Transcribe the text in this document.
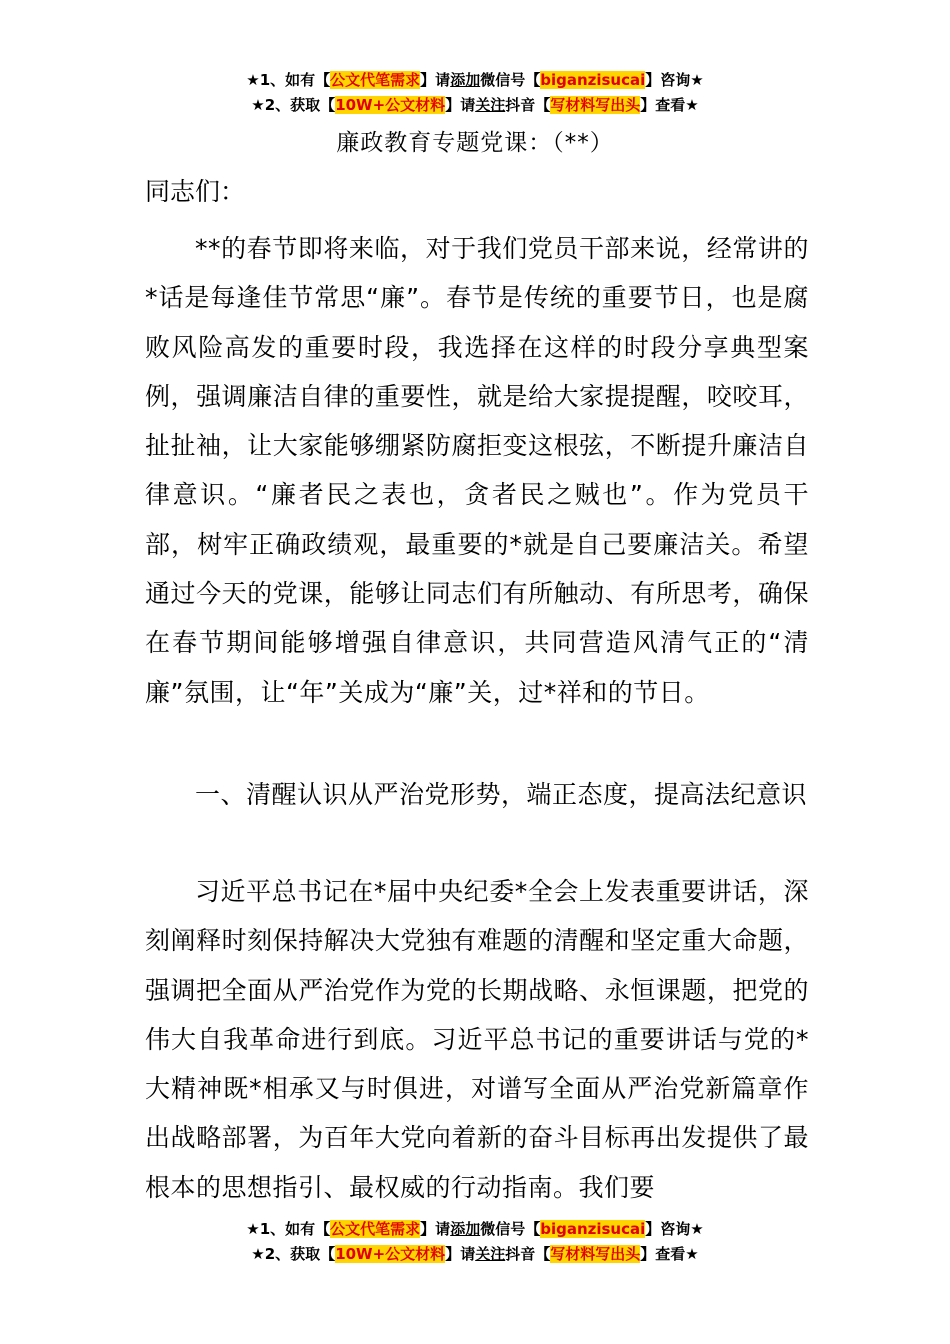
★1、如有【公文代笔需求】请添加微信号【biganzisucai】咨询★
★2、获取【10W+公文材料】请关注抖音【写材料写出头】查看★
廉政教育专题党课：（**）
同志们：

**的春节即将来临，对于我们党员干部来说，经常讲的*话是每逢佳节常思“廉”。春节是传统的重要节日，也是腐败风险高发的重要时段，我选择在这样的时段分享典型案例，强调廉洁自律的重要性，就是给大家提提醒，咬咬耳，扯扯袖，让大家能够绷紧防腐拒变这根弦，不断提升廉洁自律意识。“廉者民之表也，贪者民之贼也”。作为党员干部，树牢正确政绩观，最重要的*就是自己要廉洁关。希望通过今天的党课，能够让同志们有所触动、有所思考，确保在春节期间能够增强自律意识，共同营造风清气正的“清廉”氛围，让“年”关成为“廉”关，过*祥和的节日。

一、清醒认识从严治党形势，端正态度，提高法纪意识

习近平总书记在*届中央纪委*全会上发表重要讲话，深刻阐释时刻保持解决大党独有难题的清醒和坚定重大命题，强调把全面从严治党作为党的长期战略、永恒课题，把党的伟大自我革命进行到底。习近平总书记的重要讲话与党的*大精神既*相承又与时俱进，对谱写全面从严治党新篇章作出战略部署，为百年大党向着新的奋斗目标再出发提供了最根本的思想指引、最权威的行动指南。我们要

★1、如有【公文代笔需求】请添加微信号【biganzisucai】咨询★
★2、获取【10W+公文材料】请关注抖音【写材料写出头】查看★
